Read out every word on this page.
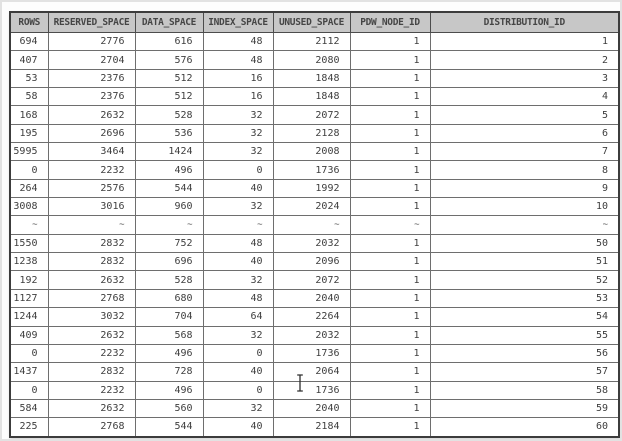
ROWS	RESERVED_SPACE	DATA_SPACE	INDEX_SPACE	UNUSED_SPACE	PDW_NODE_ID	DISTRIBUTION_ID
694	2776	616	48	2112	1	1
407	2704	576	48	2080	1	2
53	2376	512	16	1848	1	3
58	2376	512	16	1848	1	4
168	2632	528	32	2072	1	5
195	2696	536	32	2128	1	6
5995	3464	1424	32	2008	1	7
0	2232	496	0	1736	1	8
264	2576	544	40	1992	1	9
3008	3016	960	32	2024	1	10
~	~	~	~	~	~	~
1550	2832	752	48	2032	1	50
1238	2832	696	40	2096	1	51
192	2632	528	32	2072	1	52
1127	2768	680	48	2040	1	53
1244	3032	704	64	2264	1	54
409	2632	568	32	2032	1	55
0	2232	496	0	1736	1	56
1437	2832	728	40	2064	1	57
0	2232	496	0	1736	1	58
584	2632	560	32	2040	1	59
225	2768	544	40	2184	1	60
